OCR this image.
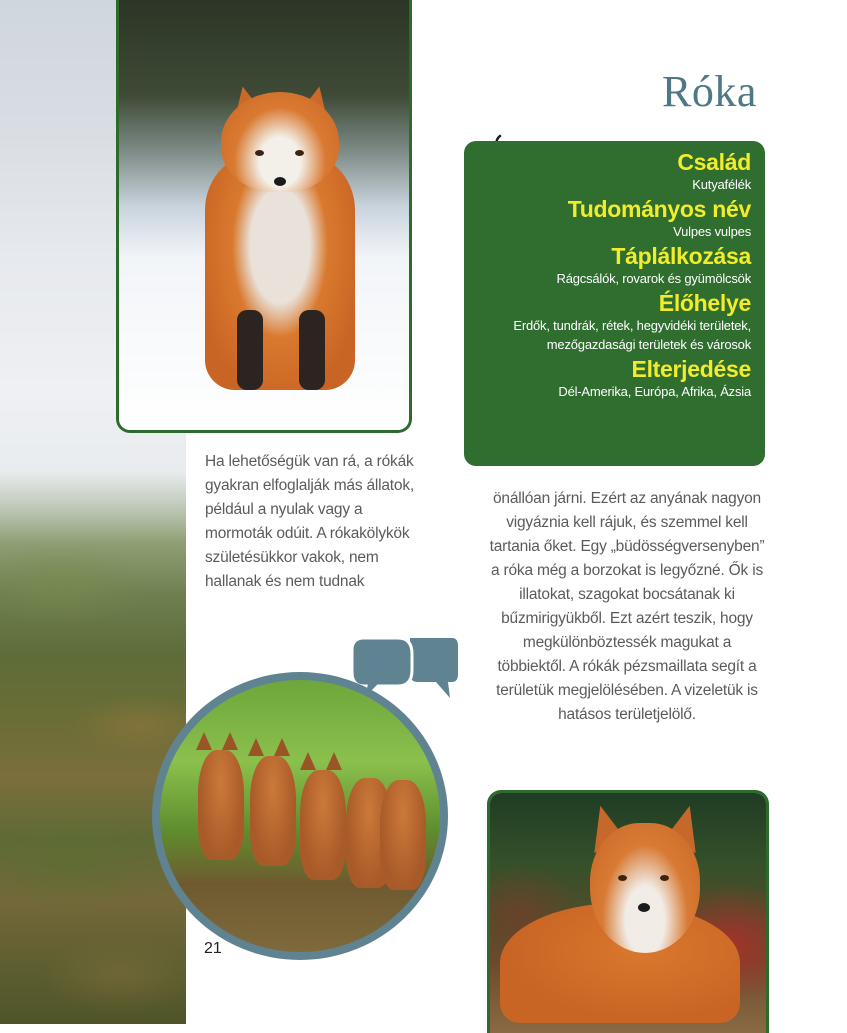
Róka
Család
Kutyafélék
Tudományos név
Vulpes vulpes
Táplálkozása
Rágcsálók, rovarok és gyümölcsök
Élőhelye
Erdők, tundrák, rétek, hegyvidéki területek, mezőgazdasági területek és városok
Elterjedése
Dél-Amerika, Európa, Afrika, Ázsia
Ha lehetőségük van rá, a rókák gyakran elfoglalják más állatok, például a nyulak vagy a mormoták odúit. A rókakölykök születésükkor vakok, nem hallanak és nem tudnak
önállóan járni. Ezért az anyának nagyon vigyáznia kell rájuk, és szemmel kell tartania őket. Egy „büdösségversenyben” a róka még a borzokat is legyőzné. Ők is illatokat, szagokat bocsátanak ki bűzmirigyükből. Ezt azért teszik, hogy megkülönböztessék magukat a többiektől. A rókák pézsmaillata segít a területük megjelölésében. A vizeletük is hatásos területjelölő.
21
